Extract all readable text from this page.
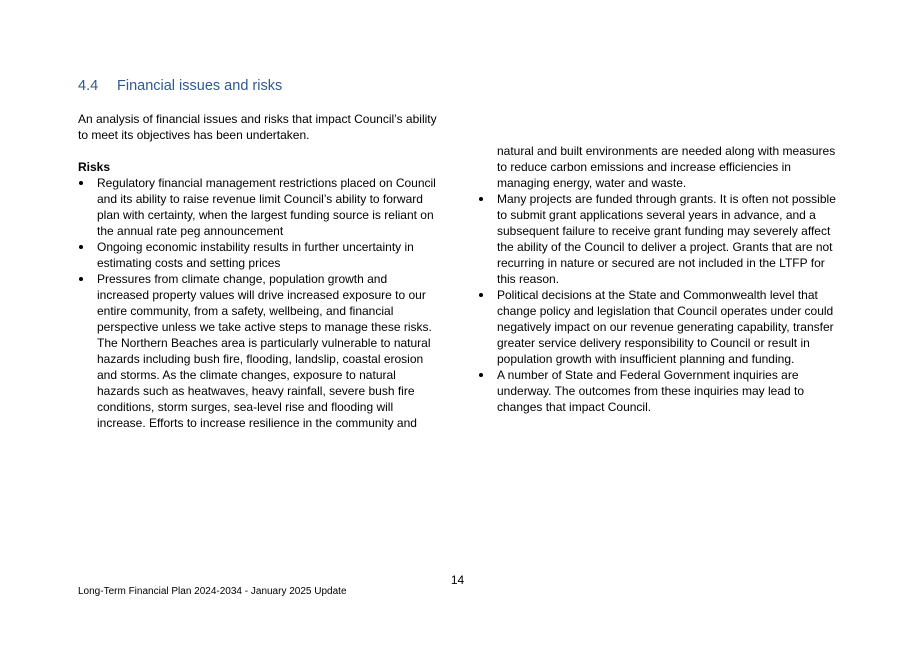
4.4 Financial issues and risks

An analysis of financial issues and risks that impact Council’s ability to meet its objectives has been undertaken.

Risks

Regulatory financial management restrictions placed on Council and its ability to raise revenue limit Council’s ability to forward plan with certainty, when the largest funding source is reliant on the annual rate peg announcement
Ongoing economic instability results in further uncertainty in estimating costs and setting prices
Pressures from climate change, population growth and increased property values will drive increased exposure to our entire community, from a safety, wellbeing, and financial perspective unless we take active steps to manage these risks. The Northern Beaches area is particularly vulnerable to natural hazards including bush fire, flooding, landslip, coastal erosion and storms. As the climate changes, exposure to natural hazards such as heatwaves, heavy rainfall, severe bush fire conditions, storm surges, sea-level rise and flooding will increase. Efforts to increase resilience in the community and

natural and built environments are needed along with measures to reduce carbon emissions and increase efficiencies in managing energy, water and waste.

Many projects are funded through grants. It is often not possible to submit grant applications several years in advance, and a subsequent failure to receive grant funding may severely affect the ability of the Council to deliver a project. Grants that are not recurring in nature or secured are not included in the LTFP for this reason.
Political decisions at the State and Commonwealth level that change policy and legislation that Council operates under could negatively impact on our revenue generating capability, transfer greater service delivery responsibility to Council or result in population growth with insufficient planning and funding.
A number of State and Federal Government inquiries are underway. The outcomes from these inquiries may lead to changes that impact Council.
14
Long-Term Financial Plan 2024-2034 - January 2025 Update
